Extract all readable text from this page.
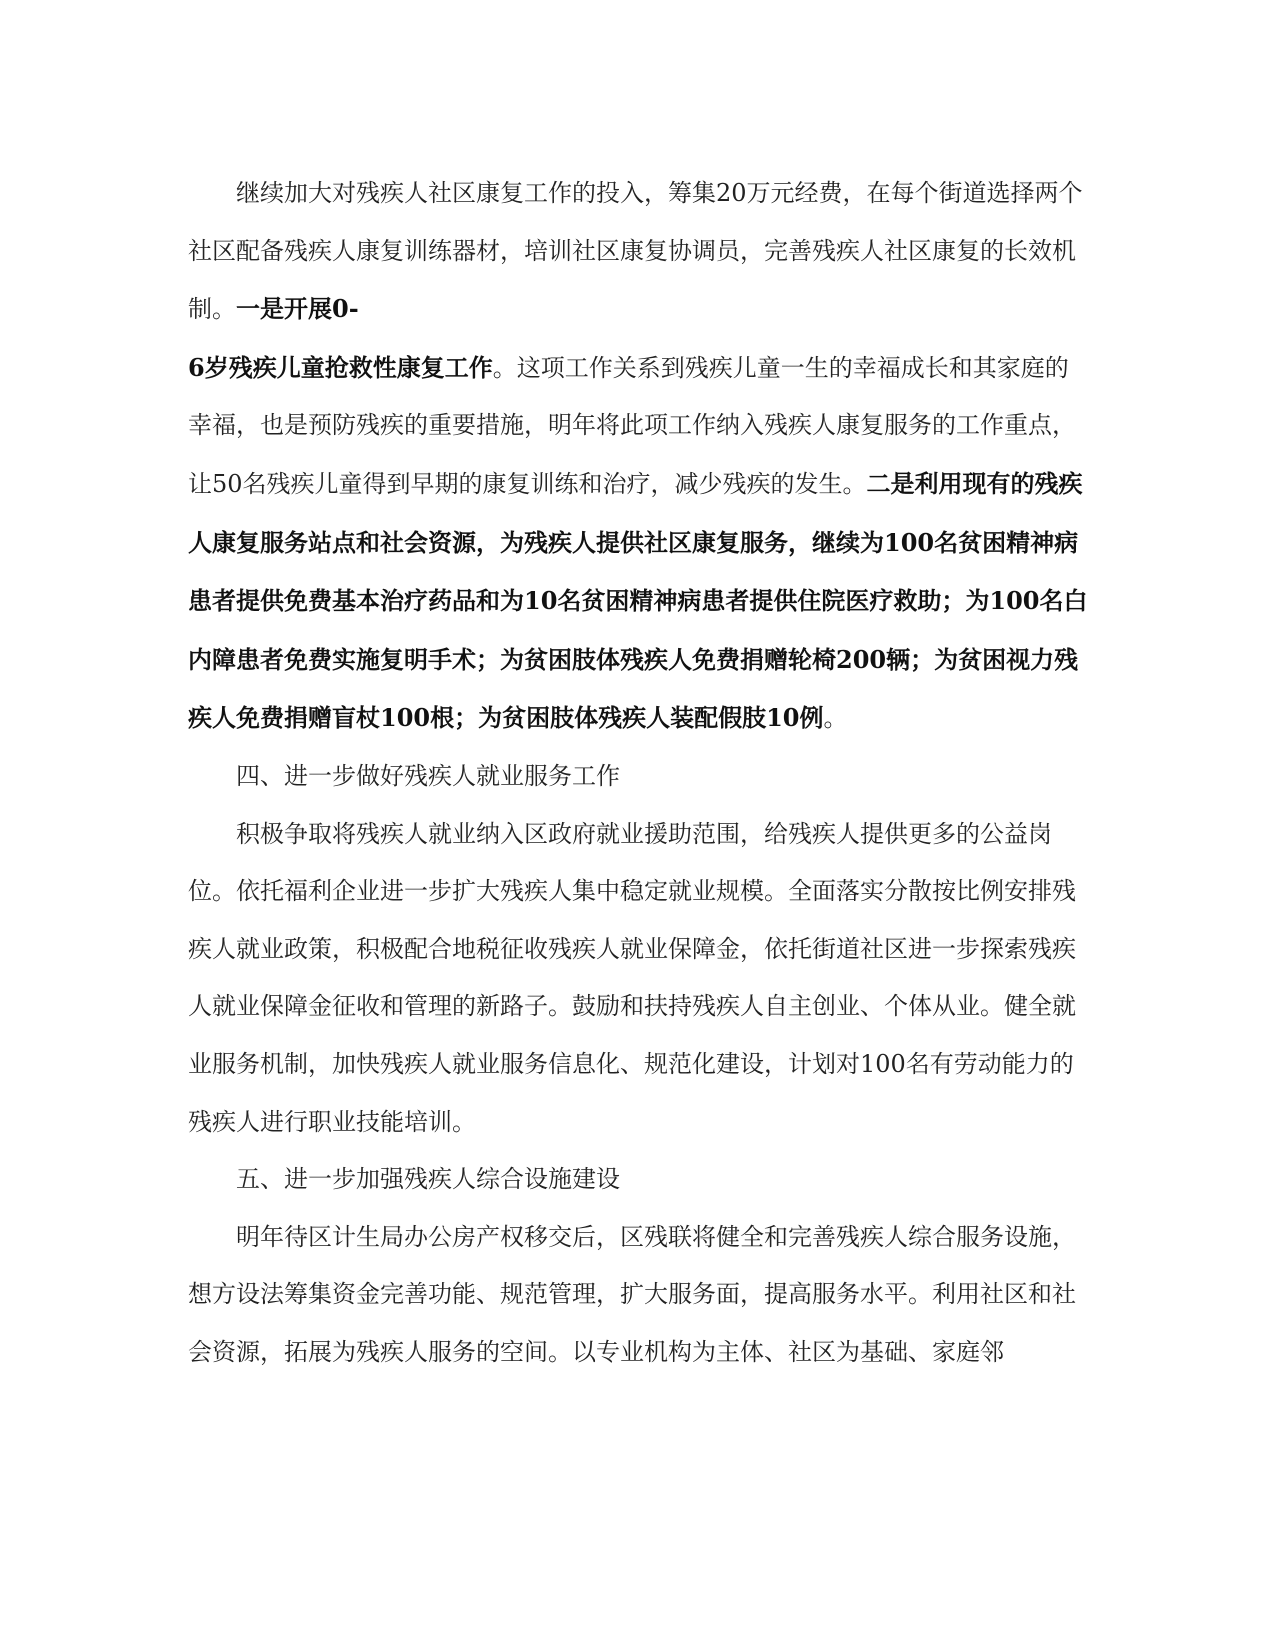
继续加大对残疾人社区康复工作的投入，筹集20万元经费，在每个街道选择两个社区配备残疾人康复训练器材，培训社区康复协调员，完善残疾人社区康复的长效机制。一是开展0-
6岁残疾儿童抢救性康复工作。这项工作关系到残疾儿童一生的幸福成长和其家庭的幸福，也是预防残疾的重要措施，明年将此项工作纳入残疾人康复服务的工作重点，让50名残疾儿童得到早期的康复训练和治疗，减少残疾的发生。二是利用现有的残疾人康复服务站点和社会资源，为残疾人提供社区康复服务，继续为100名贫困精神病患者提供免费基本治疗药品和为10名贫困精神病患者提供住院医疗救助；为100名白内障患者免费实施复明手术；为贫困肢体残疾人免费捐赠轮椅200辆；为贫困视力残疾人免费捐赠盲杖100根；为贫困肢体残疾人装配假肢10例。

四、进一步做好残疾人就业服务工作

积极争取将残疾人就业纳入区政府就业援助范围，给残疾人提供更多的公益岗位。依托福利企业进一步扩大残疾人集中稳定就业规模。全面落实分散按比例安排残疾人就业政策，积极配合地税征收残疾人就业保障金，依托街道社区进一步探索残疾人就业保障金征收和管理的新路子。鼓励和扶持残疾人自主创业、个体从业。健全就业服务机制，加快残疾人就业服务信息化、规范化建设，计划对100名有劳动能力的残疾人进行职业技能培训。

五、进一步加强残疾人综合设施建设

明年待区计生局办公房产权移交后，区残联将健全和完善残疾人综合服务设施，想方设法筹集资金完善功能、规范管理，扩大服务面，提高服务水平。利用社区和社会资源，拓展为残疾人服务的空间。以专业机构为主体、社区为基础、家庭邻
